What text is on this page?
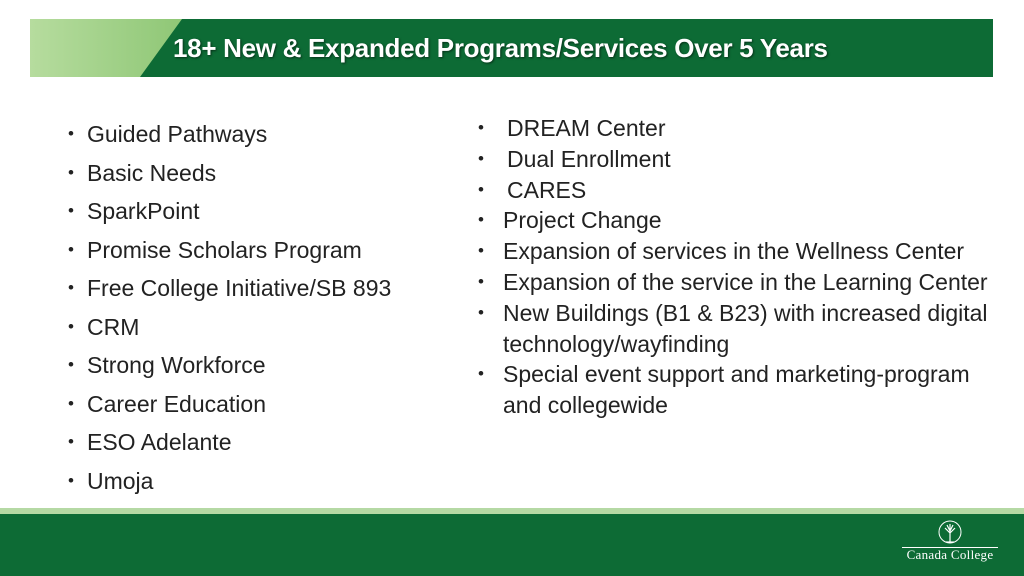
18+ New & Expanded Programs/Services Over 5 Years
• Guided Pathways
• Basic Needs
• SparkPoint
• Promise Scholars Program
• Free College Initiative/SB 893
• CRM
• Strong Workforce
• Career Education
• ESO Adelante
• Umoja
• DREAM Center
• Dual Enrollment
• CARES
• Project Change
• Expansion of services in the Wellness Center
• Expansion of the service in the Learning Center
• New Buildings (B1 & B23) with increased digital technology/wayfinding
• Special event support and marketing-program and collegewide
Canada College
